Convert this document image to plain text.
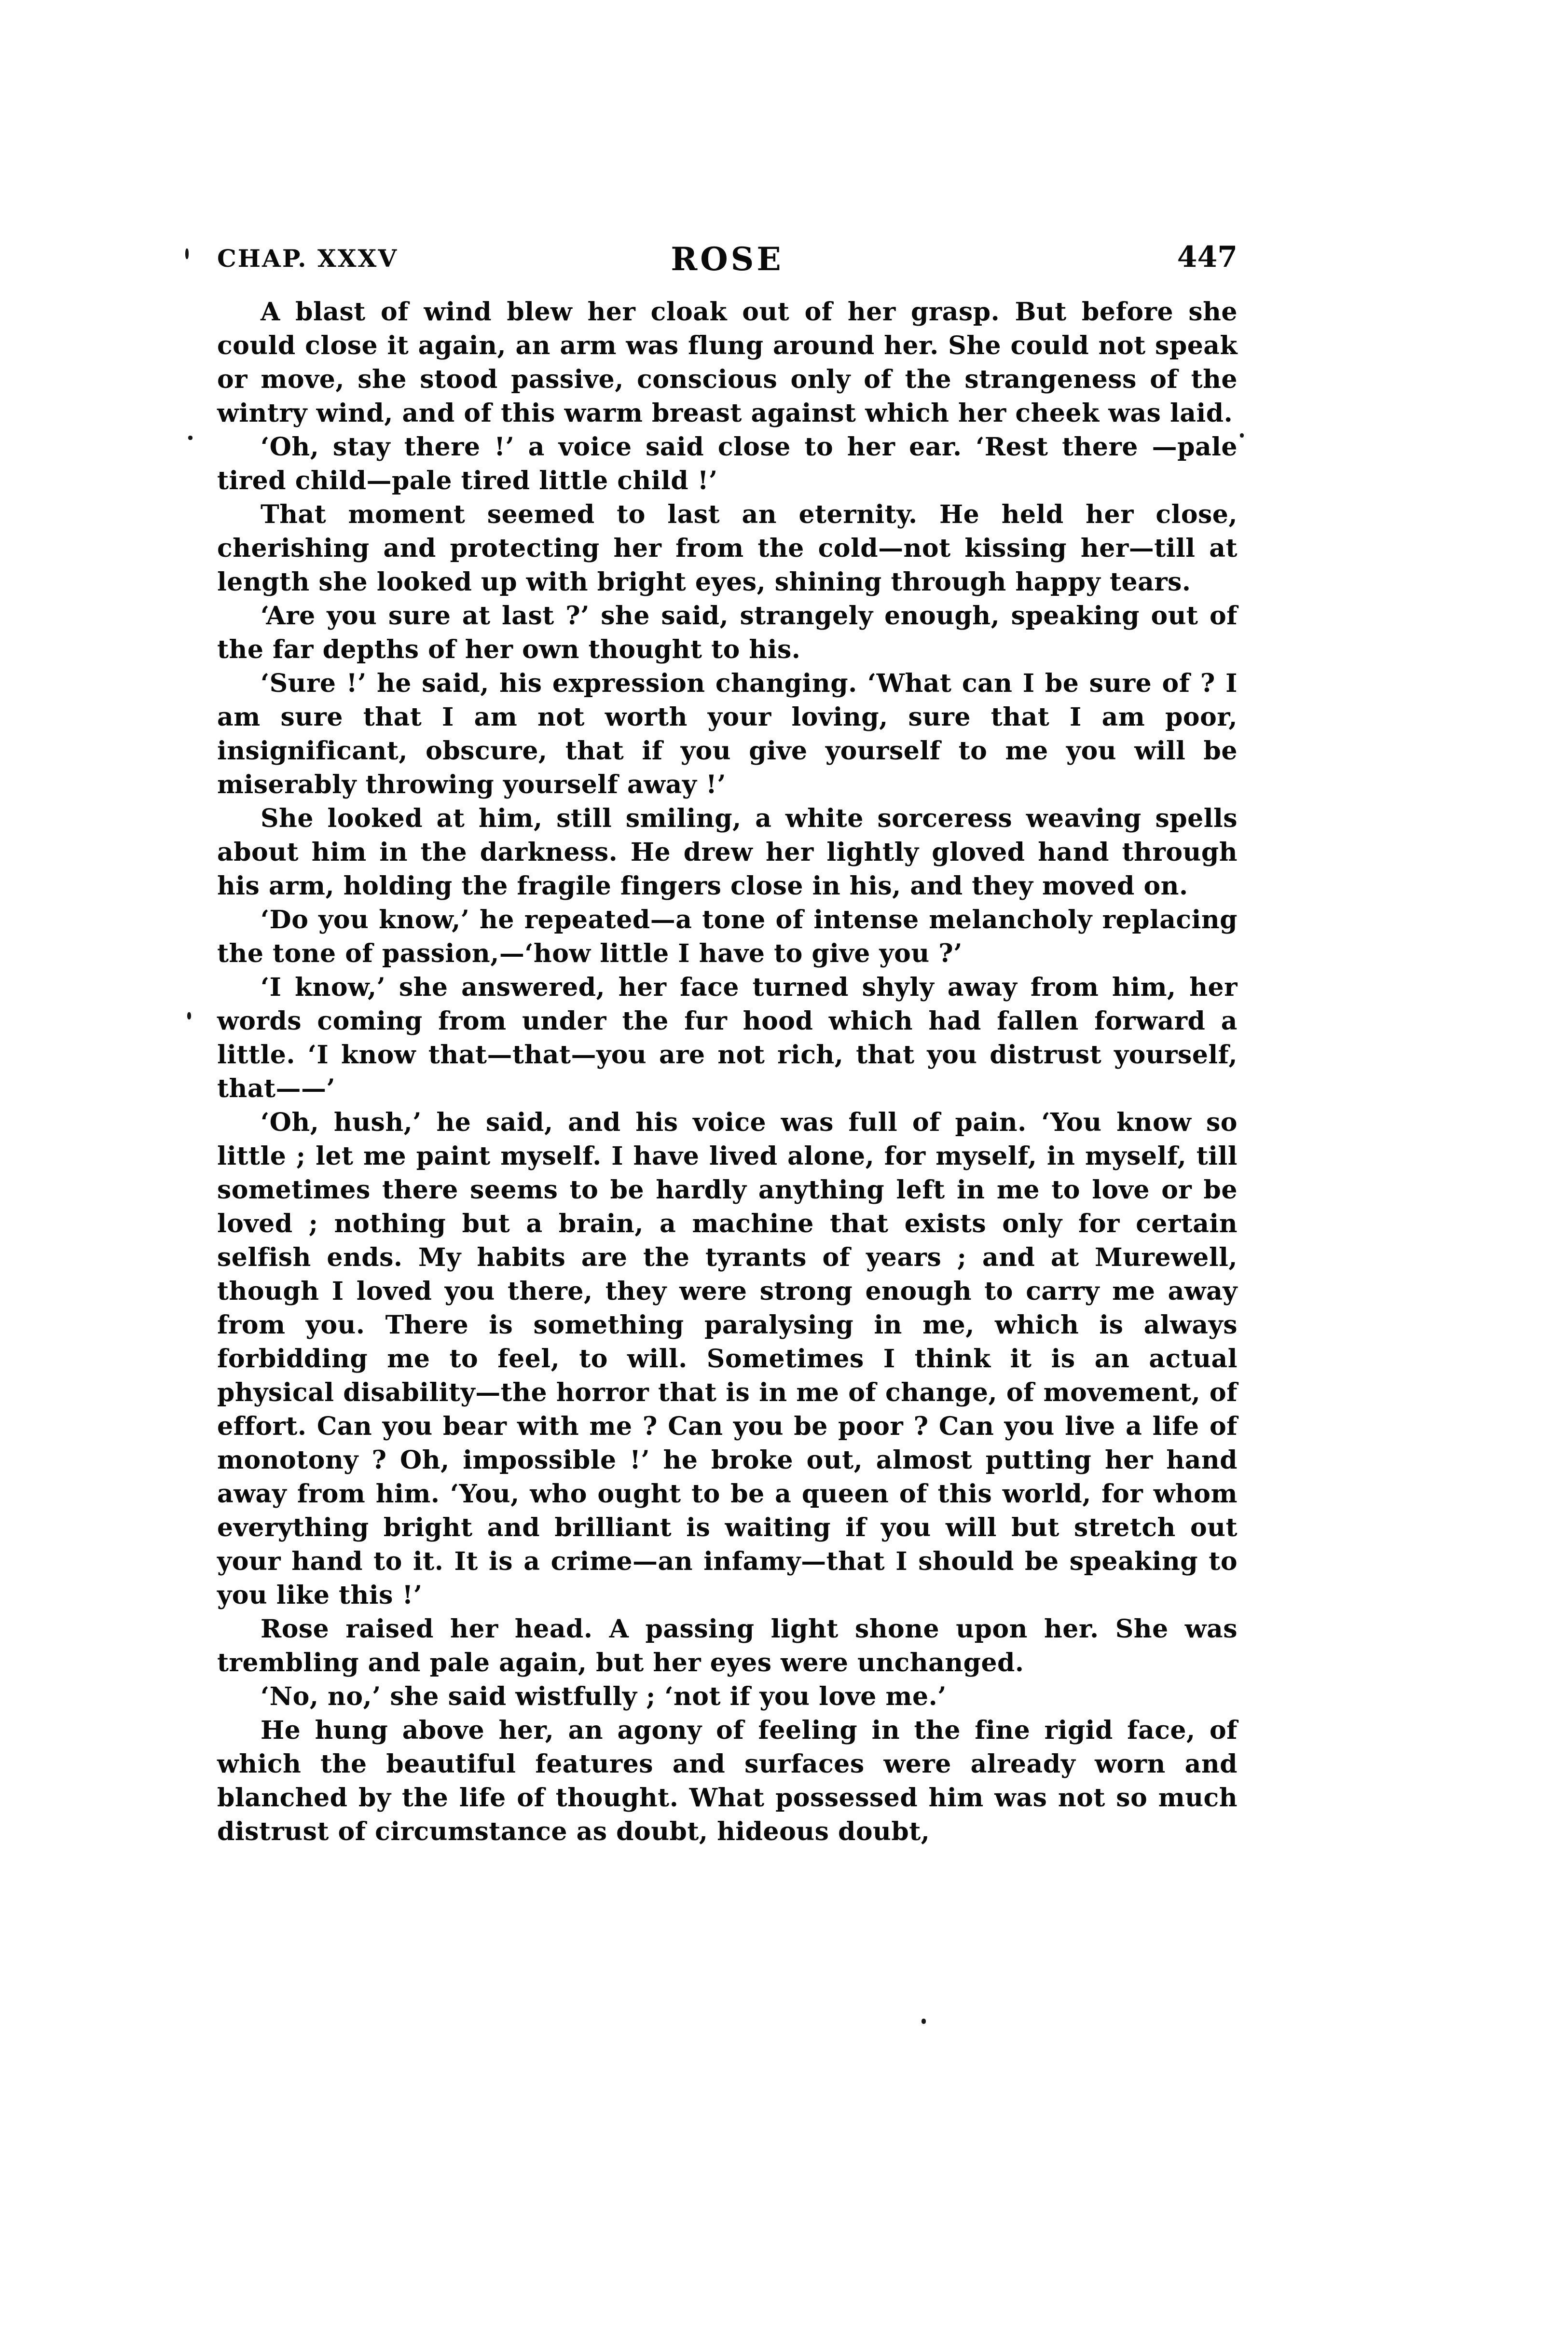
CHAP. XXXV	ROSE	447

A blast of wind blew her cloak out of her grasp. But before she could close it again, an arm was flung around her. She could not speak or move, she stood passive, conscious only of the strangeness of the wintry wind, and of this warm breast against which her cheek was laid.

‘Oh, stay there !’ a voice said close to her ear. ‘Rest there —pale tired child—pale tired little child !’

That moment seemed to last an eternity. He held her close, cherishing and protecting her from the cold—not kissing her—till at length she looked up with bright eyes, shining through happy tears.

‘Are you sure at last ?’ she said, strangely enough, speaking out of the far depths of her own thought to his.

‘Sure !’ he said, his expression changing. ‘What can I be sure of ? I am sure that I am not worth your loving, sure that I am poor, insignificant, obscure, that if you give yourself to me you will be miserably throwing yourself away !’

She looked at him, still smiling, a white sorceress weaving spells about him in the darkness. He drew her lightly gloved hand through his arm, holding the fragile fingers close in his, and they moved on.

‘Do you know,’ he repeated—a tone of intense melancholy replacing the tone of passion,—‘how little I have to give you ?’

‘I know,’ she answered, her face turned shyly away from him, her words coming from under the fur hood which had fallen forward a little. ‘I know that—that—you are not rich, that you distrust yourself, that——’

‘Oh, hush,’ he said, and his voice was full of pain. ‘You know so little ; let me paint myself. I have lived alone, for myself, in myself, till sometimes there seems to be hardly anything left in me to love or be loved ; nothing but a brain, a machine that exists only for certain selfish ends. My habits are the tyrants of years ; and at Murewell, though I loved you there, they were strong enough to carry me away from you. There is something paralysing in me, which is always forbidding me to feel, to will. Sometimes I think it is an actual physical disability—the horror that is in me of change, of movement, of effort. Can you bear with me ? Can you be poor ? Can you live a life of monotony ? Oh, impossible !’ he broke out, almost putting her hand away from him. ‘You, who ought to be a queen of this world, for whom everything bright and brilliant is waiting if you will but stretch out your hand to it. It is a crime—an infamy—that I should be speaking to you like this !’

Rose raised her head. A passing light shone upon her. She was trembling and pale again, but her eyes were unchanged.

‘No, no,’ she said wistfully ; ‘not if you love me.’

He hung above her, an agony of feeling in the fine rigid face, of which the beautiful features and surfaces were already worn and blanched by the life of thought. What possessed him was not so much distrust of circumstance as doubt, hideous doubt,
